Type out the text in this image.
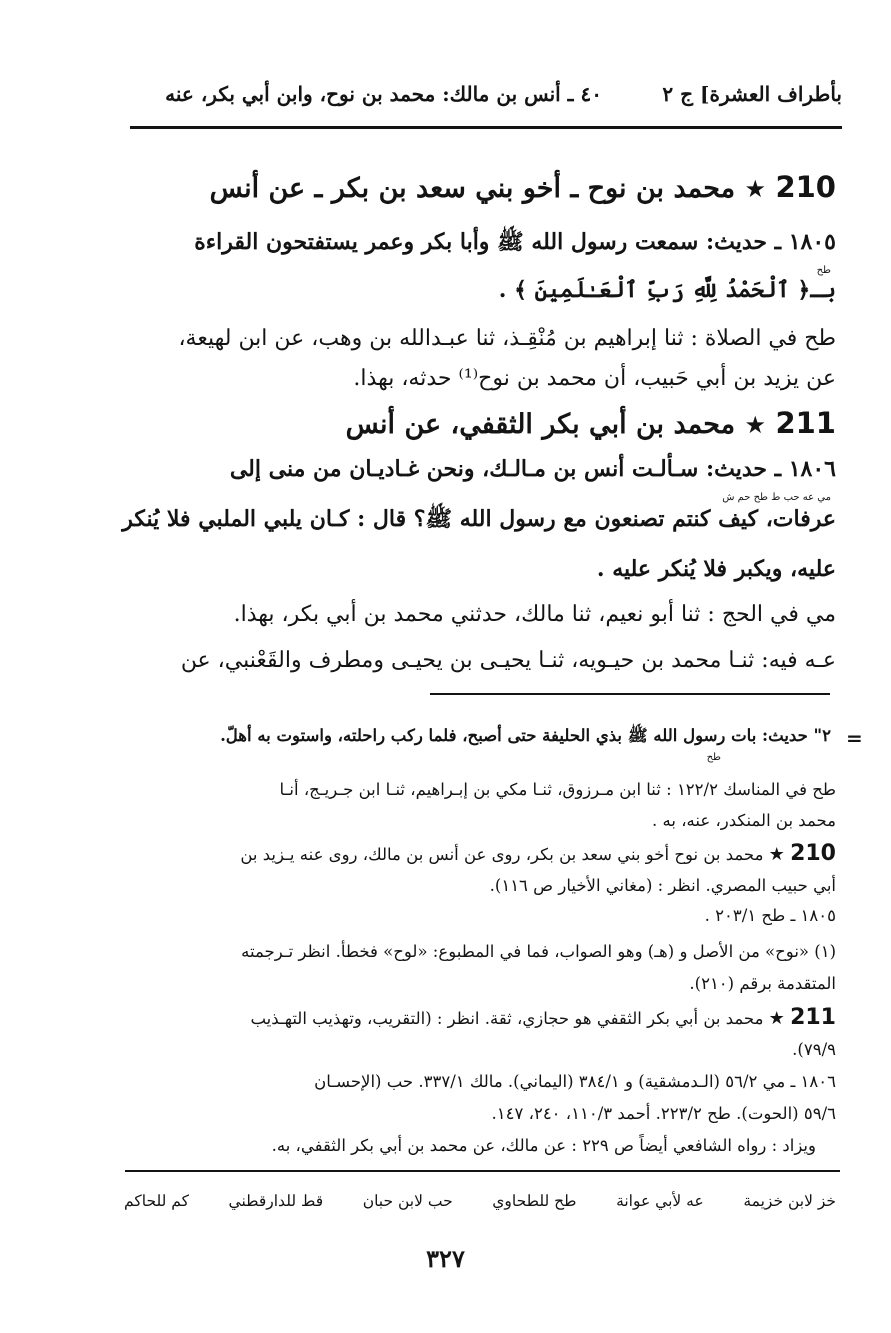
بأطراف العشرة] ج ٢
٤٠ ـ أنس بن مالك: محمد بن نوح، وابن أبي بكر، عنه
210 ★ محمد بن نوح ـ أخو بني سعد بن بكر ـ عن أنس
١٨٠٥ ـ حديث: سمعت رسول الله ﷺ وأبا بكر وعمر يستفتحون القراءة
طح
بـ﴿ ٱلْحَمْدُ لِلَّهِ رَبِّ ٱلْعَـٰلَمِينَ ﴾ .
طح في الصلاة : ثنا إبراهيم بن مُنْقِـذ، ثنا عبـدالله بن وهب، عن ابن لهيعة،
عن يزيد بن أبي حَبيب، أن محمد بن نوح⁽¹⁾ حدثه، بهذا.
211 ★ محمد بن أبي بكر الثقفي، عن أنس
١٨٠٦ ـ حديث: سـألـت أنس بن مـالـك، ونحن غـاديـان من منى إلى
مي عه حب ط طح حم ش
عرفات، كيف كنتم تصنعون مع رسول الله ﷺ؟ قال : كـان يلبي الملبي فلا يُنكر
عليه، ويكبر فلا يُنكر عليه .
مي في الحج : ثنا أبو نعيم، ثنا مالك، حدثني محمد بن أبي بكر، بهذا.
عـه فيه: ثنـا محمد بن حيـويه، ثنـا يحيـى بن يحيـى ومطرف والقَعْنبي، عن
=
٢" حديث: بات رسول الله ﷺ بذي الحليفة حتى أصبح، فلما ركب راحلته، واستوت به أهلّ.
طح
طح في المناسك ١٢٢/٢ : ثنا ابن مـرزوق، ثنـا مكي بن إبـراهيم، ثنـا ابن جـريـج، أنـا
محمد بن المنكدر، عنه، به .
210 ★ محمد بن نوح أخو بني سعد بن بكر، روى عن أنس بن مالك، روى عنه يـزيد بن
أبي حبيب المصري. انظر : (مغاني الأخيار ص ١١٦).
١٨٠٥ ـ طح ٢٠٣/١ .
(١) «نوح» من الأصل و (هـ) وهو الصواب، فما في المطبوع: «لوح» فخطأ. انظر تـرجمته
المتقدمة برقم (٢١٠).
211 ★ محمد بن أبي بكر الثقفي هو حجازي، ثقة. انظر : (التقريب، وتهذيب التهـذيب
٧٩/٩).
١٨٠٦ ـ مي ٥٦/٢ (الـدمشقية) و ٣٨٤/١ (اليماني). مالك ٣٣٧/١. حب (الإحسـان
٥٩/٦ (الحوت). طح ٢٢٣/٢. أحمد ١١٠/٣، ٢٤٠، ١٤٧.
ويزاد : رواه الشافعي أيضاً ص ٢٢٩ : عن مالك، عن محمد بن أبي بكر الثقفي، به.
خز لابن خزيمة
عه لأبي عوانة
طح للطحاوي
حب لابن حبان
قط للدارقطني
كم للحاكم
٣٢٧
